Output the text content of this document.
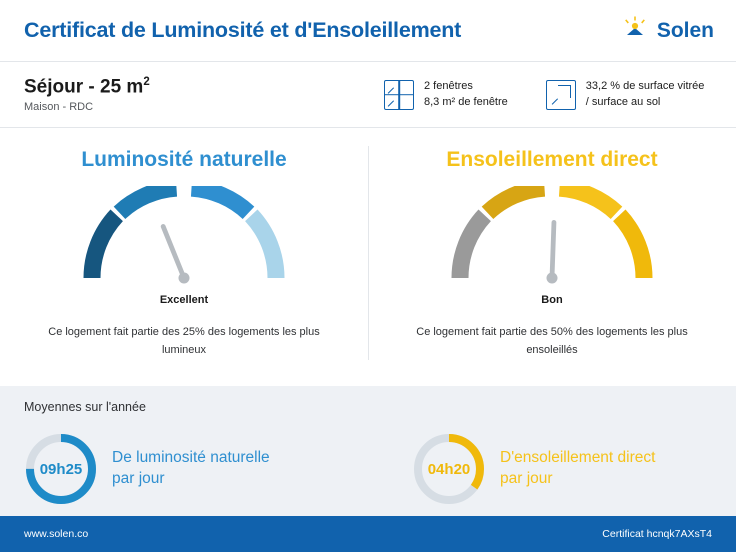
Certificat de Luminosité et d'Ensoleillement	Solen
Séjour - 25 $m^2$
Maison - RDC
2 fenêtres
8,3 m² de fenêtre
33,2 % de surface vitrée
/ surface au sol
Luminosité naturelle
Excellent
Ce logement fait partie des 25% des logements les plus lumineux
Ensoleillement direct
Bon
Ce logement fait partie des 50% des logements les plus ensoleillés
Moyennes sur l'année
09h25
De luminosité naturelle
par jour
04h20
D'ensoleillement direct
par jour
www.solen.co	Certificat hcnqk7AXsT4
